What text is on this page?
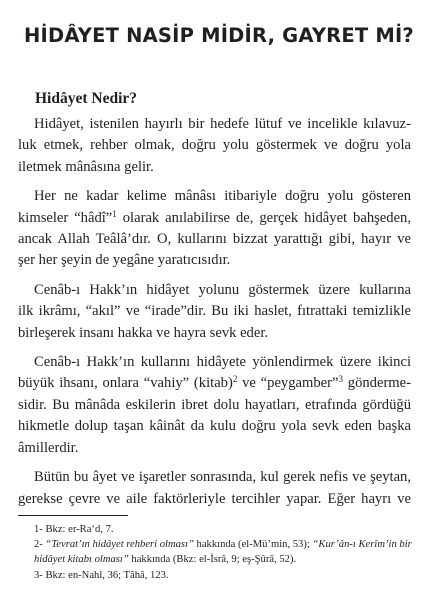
HİDÂYET NASİP MİDİR, GAYRET Mİ?
Hidâyet Nedir?
Hidâyet, istenilen hayırlı bir hedefe lütuf ve incelikle kılavuz-
luk etmek, rehber olmak, doğru yolu göstermek ve doğru yola
iletmek mânâsına gelir.
Her ne kadar kelime mânâsı itibariyle doğru yolu gösteren
kimseler “hâdî”$^1$ olarak anılabilirse de, gerçek hidâyet bahşeden,
ancak Allah Teâlâ’dır. O, kullarını bizzat yarattığı gibi, hayır ve
şer her şeyin de yegâne yaratıcısıdır.
Cenâb-ı Hakk’ın hidâyet yolunu göstermek üzere kullarına
ilk ikrâmı, “akıl” ve “irade”dir. Bu iki haslet, fıtrattaki temizlikle
birleşerek insanı hakka ve hayra sevk eder.
Cenâb-ı Hakk’ın kullarını hidâyete yönlendirmek üzere ikinci
büyük ihsanı, onlara “vahiy” (kitab)$^2$ ve “peygamber”$^3$ gönderme-
sidir. Bu mânâda eskilerin ibret dolu hayatları, etrafında gördüğü
hikmetle dolup taşan kâinât da kulu doğru yola sevk eden başka
âmillerdir.
Bütün bu âyet ve işaretler sonrasında, kul gerek nefis ve şeytan,
gerekse çevre ve aile faktörleriyle tercihler yapar. Eğer hayrı ve
1- Bkz: er-Ra‘d, 7.
2- “Tevrat’ın hidâyet rehberi olması” hakkında (el-Mü’min, 53); “Kur’ân-ı Kerîm’in bir
hidâyet kitabı olması” hakkında (Bkz: el-İsrâ, 9; eş-Şûrâ, 52).
3- Bkz: en-Nahl, 36; Tâhâ, 123.
